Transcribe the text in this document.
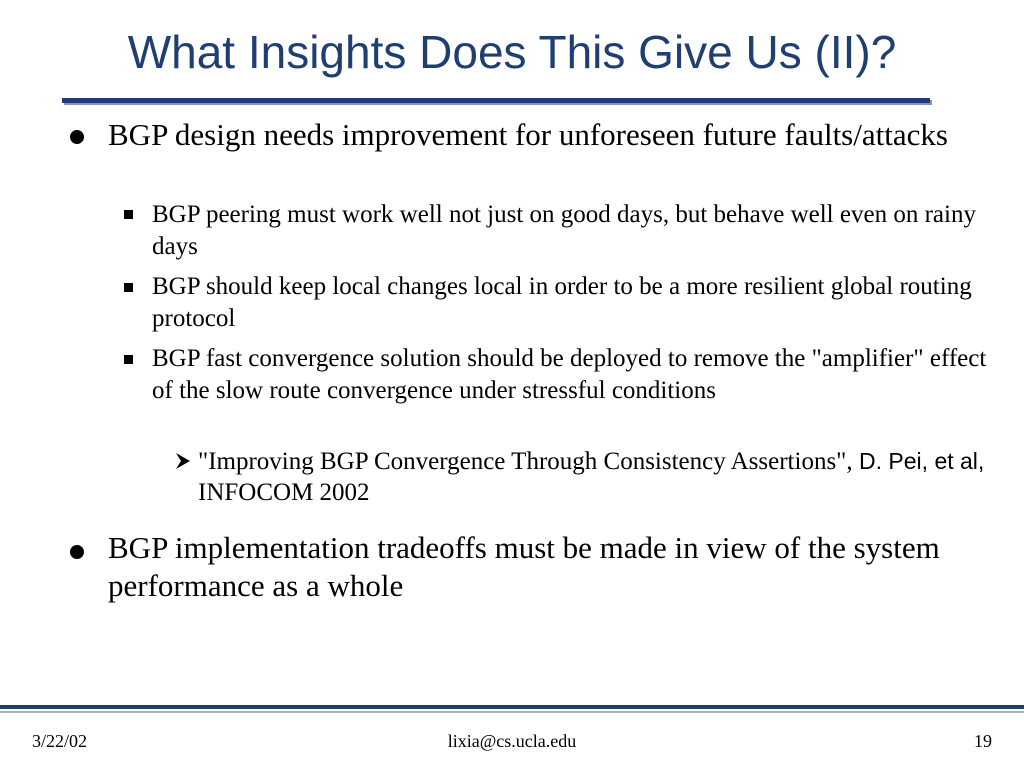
What Insights Does This Give Us (II)?
BGP design needs improvement for unforeseen future faults/attacks
BGP peering must work well not just on good days, but behave well even on rainy days
BGP should keep local changes local in order to be a more resilient global routing protocol
BGP fast convergence solution should be deployed to remove the "amplifier" effect of the slow route convergence under stressful conditions
"Improving BGP Convergence Through Consistency Assertions", D. Pei, et al, INFOCOM 2002
BGP implementation tradeoffs must be made in view of the system performance as a whole
3/22/02	lixia@cs.ucla.edu	19
